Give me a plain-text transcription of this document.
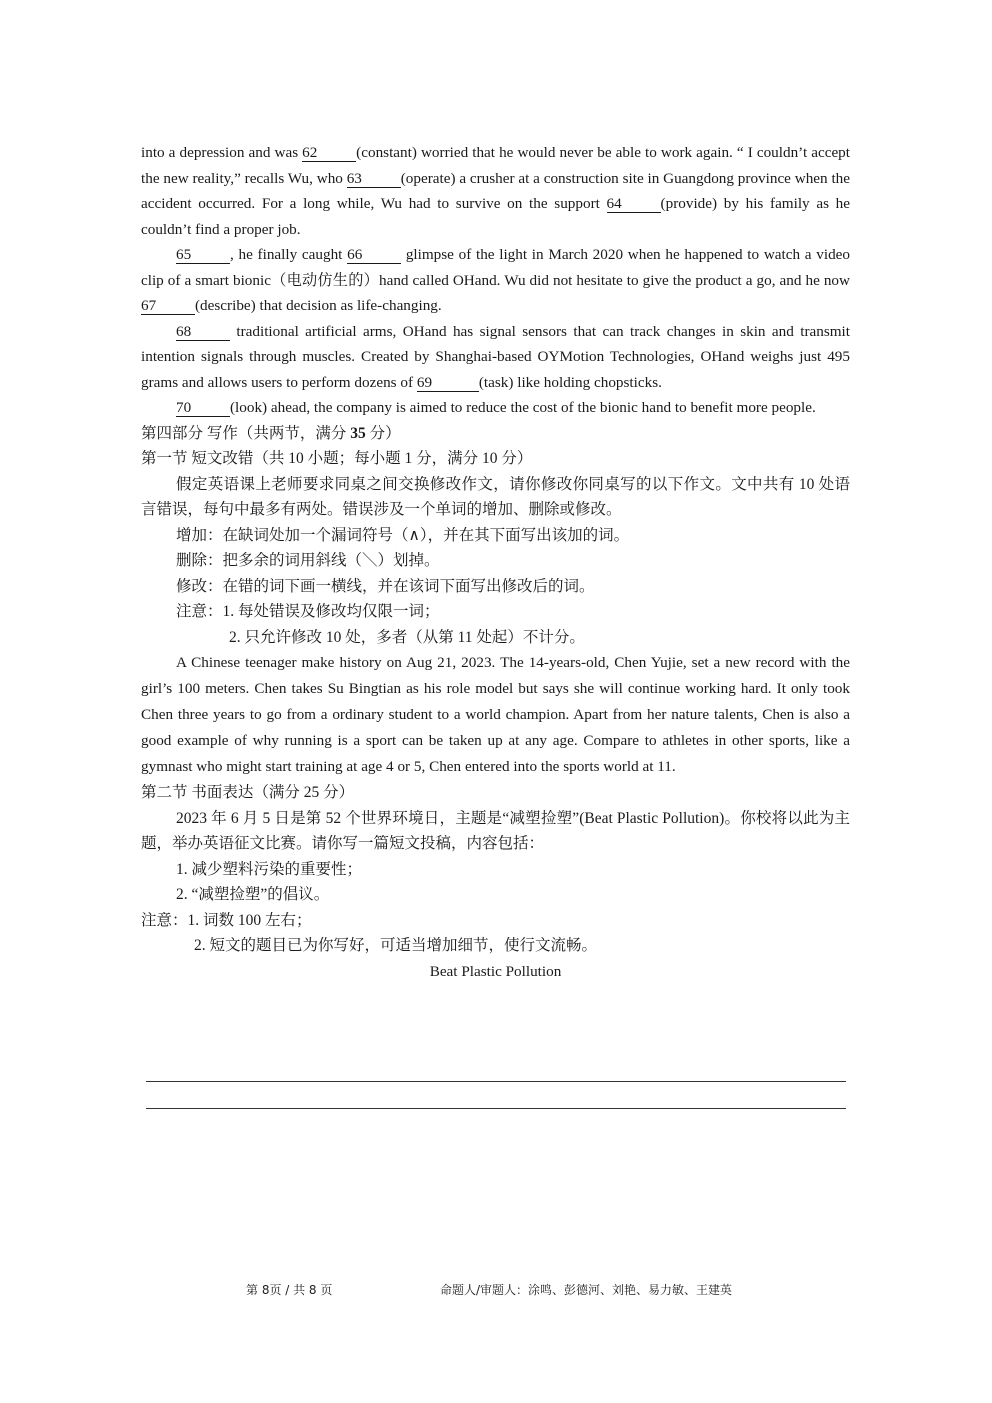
into a depression and was 62	(constant) worried that he would never be able to work again. “ I couldn’t accept the new reality,” recalls Wu, who 63	(operate) a crusher at a construction site in Guangdong province when the accident occurred. For a long while, Wu had to survive on the support 64	(provide) by his family as he couldn’t find a proper job.

65	, he finally caught 66	glimpse of the light in March 2020 when he happened to watch a video clip of a smart bionic（电动仿生的）hand called OHand. Wu did not hesitate to give the product a go, and he now 67	(describe) that decision as life-changing.

68	traditional artificial arms, OHand has signal sensors that can track changes in skin and transmit intention signals through muscles. Created by Shanghai-based OYMotion Technologies, OHand weighs just 495 grams and allows users to perform dozens of 69	(task) like holding chopsticks.

70	(look) ahead, the company is aimed to reduce the cost of the bionic hand to benefit more people.

第四部分 写作（共两节，满分 35 分）

第一节 短文改错（共 10 小题；每小题 1 分，满分 10 分）

假定英语课上老师要求同桌之间交换修改作文，请你修改你同桌写的以下作文。文中共有 10 处语言错误，每句中最多有两处。错误涉及一个单词的增加、删除或修改。

增加：在缺词处加一个漏词符号（∧），并在其下面写出该加的词。

删除：把多余的词用斜线（＼）划掉。

修改：在错的词下画一横线，并在该词下面写出修改后的词。

注意：1. 每处错误及修改均仅限一词；

2. 只允许修改 10 处，多者（从第 11 处起）不计分。

A Chinese teenager make history on Aug 21, 2023. The 14-years-old, Chen Yujie, set a new record with the girl’s 100 meters. Chen takes Su Bingtian as his role model but says she will continue working hard. It only took Chen three years to go from a ordinary student to a world champion. Apart from her nature talents, Chen is also a good example of why running is a sport can be taken up at any age. Compare to athletes in other sports, like a gymnast who might start training at age 4 or 5, Chen entered into the sports world at 11.

第二节 书面表达（满分 25 分）

2023 年 6 月 5 日是第 52 个世界环境日，主题是“减塑捡塑”(Beat Plastic Pollution)。你校将以此为主题，举办英语征文比赛。请你写一篇短文投稿，内容包括：

1. 减少塑料污染的重要性；

2. “减塑捡塑”的倡议。

注意：1. 词数 100 左右；

2. 短文的题目已为你写好，可适当增加细节，使行文流畅。

Beat Plastic Pollution

第 8页 / 共 8 页	命题人/审题人：涂鸣、彭德河、刘艳、易力敏、王建英
